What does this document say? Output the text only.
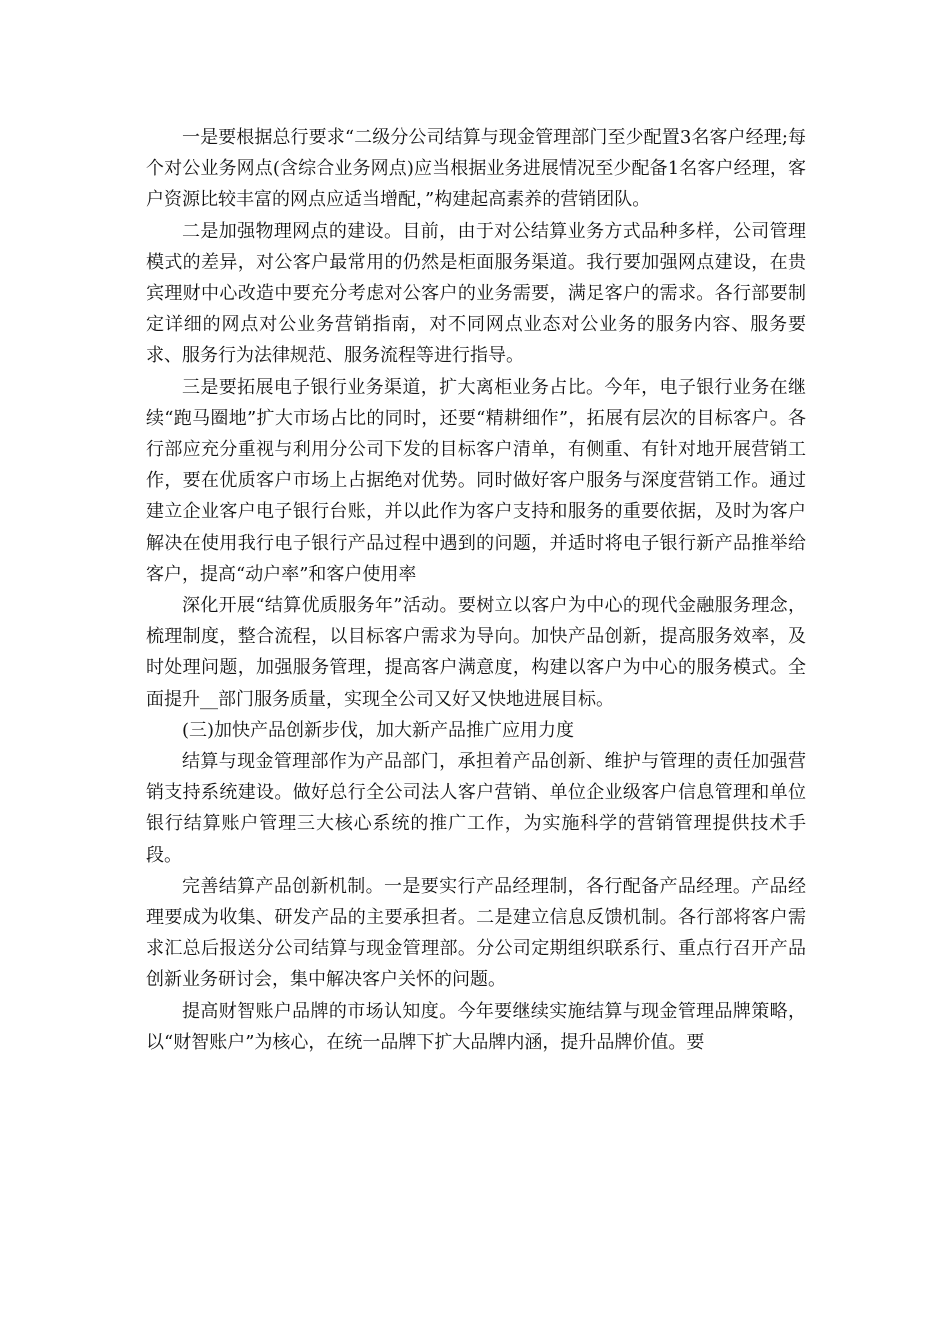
一是要根据总行要求“二级分公司结算与现金管理部门至少配置3名客户经理;每个对公业务网点(含综合业务网点)应当根据业务进展情况至少配备1名客户经理，客户资源比较丰富的网点应适当增配，”构建起高素养的营销团队。

二是加强物理网点的建设。目前，由于对公结算业务方式品种多样，公司管理模式的差异，对公客户最常用的仍然是柜面服务渠道。我行要加强网点建设，在贵宾理财中心改造中要充分考虑对公客户的业务需要，满足客户的需求。各行部要制定详细的网点对公业务营销指南，对不同网点业态对公业务的服务内容、服务要求、服务行为法律规范、服务流程等进行指导。

三是要拓展电子银行业务渠道，扩大离柜业务占比。今年，电子银行业务在继续“跑马圈地”扩大市场占比的同时，还要“精耕细作”，拓展有层次的目标客户。各行部应充分重视与利用分公司下发的目标客户清单，有侧重、有针对地开展营销工作，要在优质客户市场上占据绝对优势。同时做好客户服务与深度营销工作。通过建立企业客户电子银行台账，并以此作为客户支持和服务的重要依据，及时为客户解决在使用我行电子银行产品过程中遇到的问题，并适时将电子银行新产品推举给客户，提高“动户率”和客户使用率

深化开展“结算优质服务年”活动。要树立以客户为中心的现代金融服务理念，梳理制度，整合流程，以目标客户需求为导向。加快产品创新，提高服务效率，及时处理问题，加强服务管理，提高客户满意度，构建以客户为中心的服务模式。全面提升__部门服务质量，实现全公司又好又快地进展目标。

(三)加快产品创新步伐，加大新产品推广应用力度

结算与现金管理部作为产品部门，承担着产品创新、维护与管理的责任加强营销支持系统建设。做好总行全公司法人客户营销、单位企业级客户信息管理和单位银行结算账户管理三大核心系统的推广工作，为实施科学的营销管理提供技术手段。

完善结算产品创新机制。一是要实行产品经理制，各行配备产品经理。产品经理要成为收集、研发产品的主要承担者。二是建立信息反馈机制。各行部将客户需求汇总后报送分公司结算与现金管理部。分公司定期组织联系行、重点行召开产品创新业务研讨会，集中解决客户关怀的问题。

提高财智账户品牌的市场认知度。今年要继续实施结算与现金管理品牌策略，以“财智账户”为核心，在统一品牌下扩大品牌内涵，提升品牌价值。要
